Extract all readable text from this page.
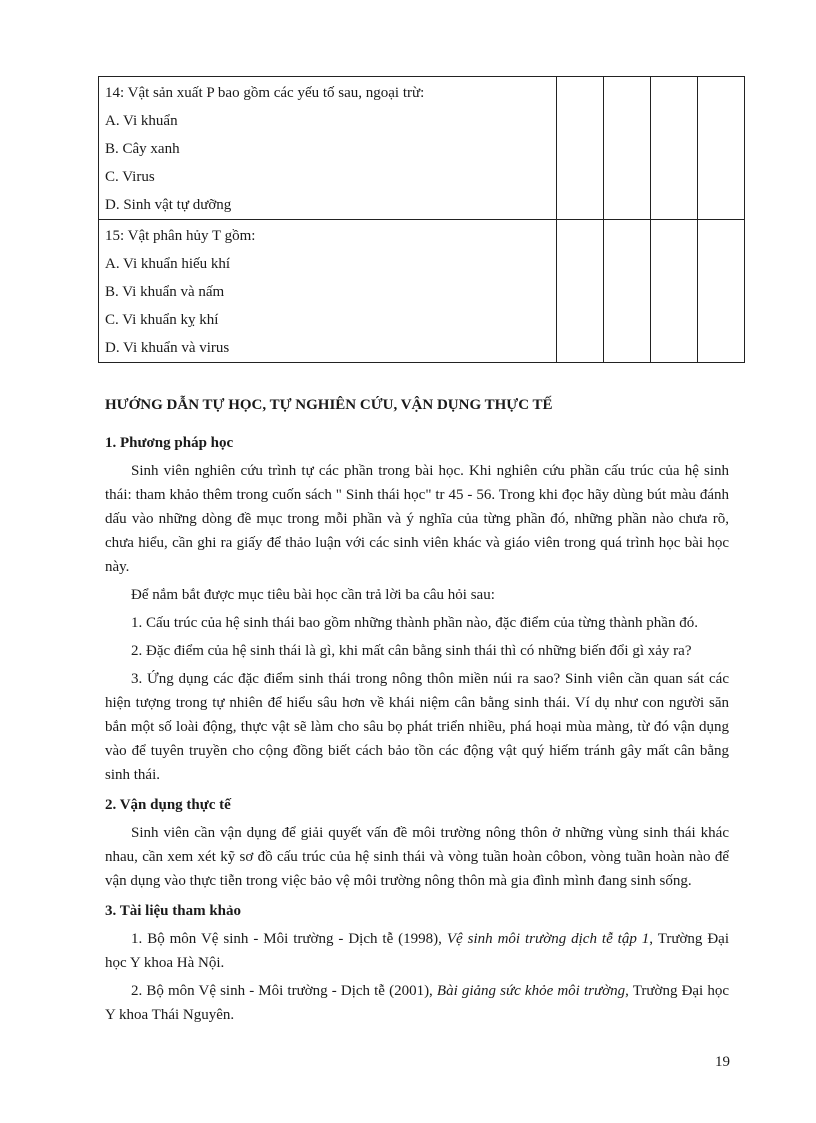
14: Vật sản xuất P bao gồm các yếu tố sau, ngoại trừ:
A. Vi khuẩn
B. Cây xanh
C. Virus
D. Sinh vật tự dưỡng				

15: Vật phân hủy T gồm:
A. Vi khuẩn hiếu khí
B. Vi khuẩn và nấm
C. Vi khuẩn kỵ khí
D. Vi khuẩn và virus				

HƯỚNG DẪN TỰ HỌC, TỰ NGHIÊN CỨU, VẬN DỤNG THỰC TẾ
1. Phương pháp học

Sinh viên nghiên cứu trình tự các phần trong bài học. Khi nghiên cứu phần cấu trúc của hệ sinh thái: tham khảo thêm trong cuốn sách " Sinh thái học" tr 45 - 56. Trong khi đọc hãy dùng bút màu đánh dấu vào những dòng đề mục trong mỗi phần và ý nghĩa của từng phần đó, những phần nào chưa rõ, chưa hiểu, cần ghi ra giấy để thảo luận với các sinh viên khác và giáo viên trong quá trình học bài học này.

Để nắm bắt được mục tiêu bài học cần trả lời ba câu hỏi sau:

1. Cấu trúc của hệ sinh thái bao gồm những thành phần nào, đặc điểm của từng thành phần đó.

2. Đặc điểm của hệ sinh thái là gì, khi mất cân bằng sinh thái thì có những biến đổi gì xảy ra?

3. Ứng dụng các đặc điểm sinh thái trong nông thôn miền núi ra sao? Sinh viên cần quan sát các hiện tượng trong tự nhiên để hiểu sâu hơn về khái niệm cân bằng sinh thái. Ví dụ như con người săn bắn một số loài động, thực vật sẽ làm cho sâu bọ phát triển nhiều, phá hoại mùa màng, từ đó vận dụng vào để tuyên truyền cho cộng đồng biết cách bảo tồn các động vật quý hiếm tránh gây mất cân bằng sinh thái.

2. Vận dụng thực tế

Sinh viên cần vận dụng để giải quyết vấn đề môi trường nông thôn ở những vùng sinh thái khác nhau, cần xem xét kỹ sơ đồ cấu trúc của hệ sinh thái và vòng tuần hoàn côbon, vòng tuần hoàn nào để vận dụng vào thực tiễn trong việc bảo vệ môi trường nông thôn mà gia đình mình đang sinh sống.

3. Tài liệu tham khảo

1. Bộ môn Vệ sinh - Môi trường - Dịch tễ (1998), Vệ sinh môi trường dịch tễ tập 1, Trường Đại học Y khoa Hà Nội.

2. Bộ môn Vệ sinh - Môi trường - Dịch tễ (2001), Bài giảng sức khỏe môi trường, Trường Đại học Y khoa Thái Nguyên.

19
